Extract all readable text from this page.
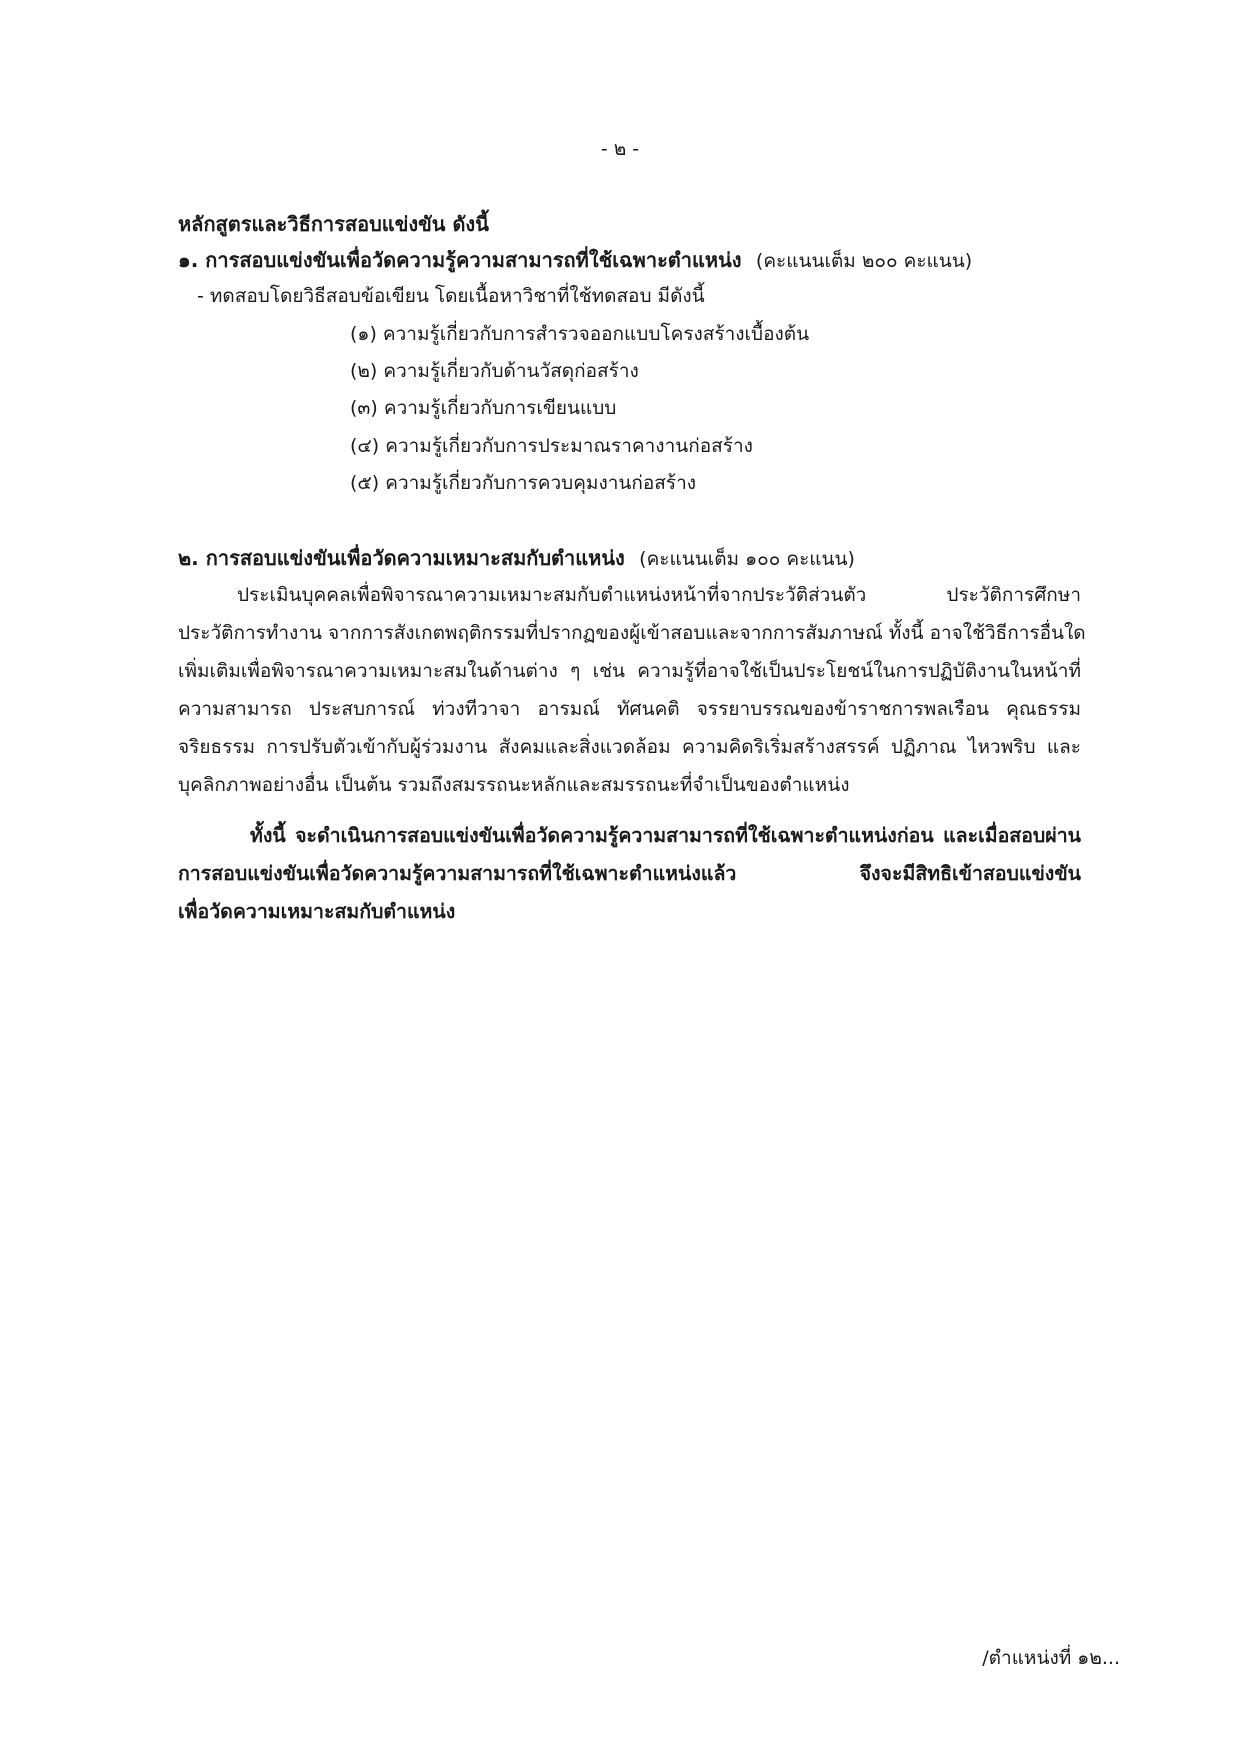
- ๒ -
หลักสูตรและวิธีการสอบแข่งขัน ดังนี้
๑. การสอบแข่งขันเพื่อวัดความรู้ความสามารถที่ใช้เฉพาะตำแหน่ง (คะแนนเต็ม ๒๐๐ คะแนน)
- ทดสอบโดยวิธีสอบข้อเขียน โดยเนื้อหาวิชาที่ใช้ทดสอบ มีดังนี้
(๑) ความรู้เกี่ยวกับการสำรวจออกแบบโครงสร้างเบื้องต้น
(๒) ความรู้เกี่ยวกับด้านวัสดุก่อสร้าง
(๓) ความรู้เกี่ยวกับการเขียนแบบ
(๔) ความรู้เกี่ยวกับการประมาณราคางานก่อสร้าง
(๕) ความรู้เกี่ยวกับการควบคุมงานก่อสร้าง
๒. การสอบแข่งขันเพื่อวัดความเหมาะสมกับตำแหน่ง (คะแนนเต็ม ๑๐๐ คะแนน)
ประเมินบุคคลเพื่อพิจารณาความเหมาะสมกับตำแหน่งหน้าที่จากประวัติส่วนตัว ประวัติการศึกษา
ประวัติการทำงาน จากการสังเกตพฤติกรรมที่ปรากฏของผู้เข้าสอบและจากการสัมภาษณ์ ทั้งนี้ อาจใช้วิธีการอื่นใด
เพิ่มเติมเพื่อพิจารณาความเหมาะสมในด้านต่าง ๆ เช่น ความรู้ที่อาจใช้เป็นประโยชน์ในการปฏิบัติงานในหน้าที่
ความสามารถ ประสบการณ์ ท่วงทีวาจา อารมณ์ ทัศนคติ จรรยาบรรณของข้าราชการพลเรือน คุณธรรม
จริยธรรม การปรับตัวเข้ากับผู้ร่วมงาน สังคมและสิ่งแวดล้อม ความคิดริเริ่มสร้างสรรค์ ปฏิภาณ ไหวพริบ และ
บุคลิกภาพอย่างอื่น เป็นต้น รวมถึงสมรรถนะหลักและสมรรถนะที่จำเป็นของตำแหน่ง
ทั้งนี้ จะดำเนินการสอบแข่งขันเพื่อวัดความรู้ความสามารถที่ใช้เฉพาะตำแหน่งก่อน และเมื่อสอบผ่าน
การสอบแข่งขันเพื่อวัดความรู้ความสามารถที่ใช้เฉพาะตำแหน่งแล้ว จึงจะมีสิทธิเข้าสอบแข่งขัน
เพื่อวัดความเหมาะสมกับตำแหน่ง
/ตำแหน่งที่ ๑๒...
